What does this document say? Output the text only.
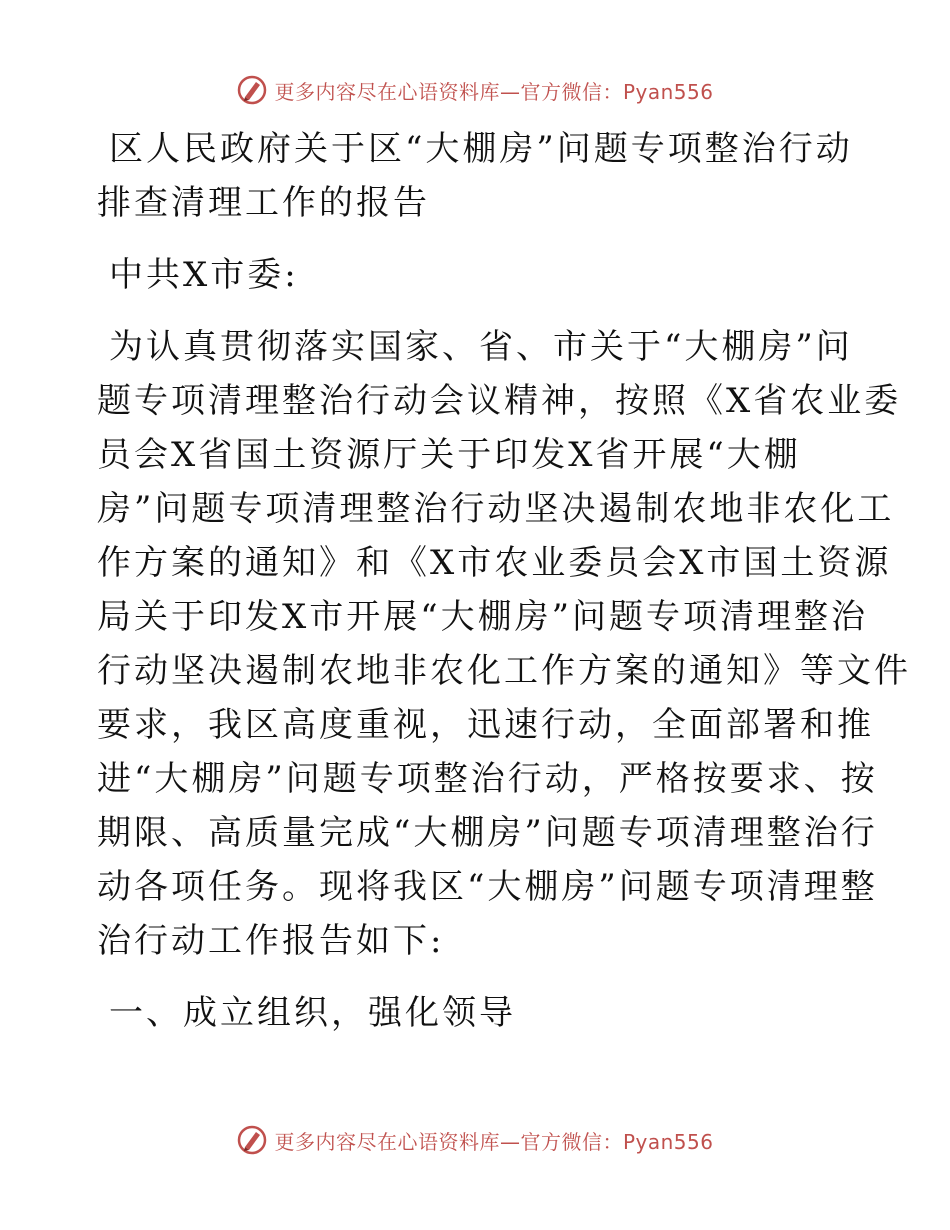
更多内容尽在心语资料库—官方微信：Pyan556
区人民政府关于区“大棚房”问题专项整治行动
排查清理工作的报告
中共X市委:
为认真贯彻落实国家、省、市关于“大棚房”问
题专项清理整治行动会议精神，按照《X省农业委
员会X省国土资源厅关于印发X省开展“大棚
房”问题专项清理整治行动坚决遏制农地非农化工
作方案的通知》和《X市农业委员会X市国土资源
局关于印发X市开展“大棚房”问题专项清理整治
行动坚决遏制农地非农化工作方案的通知》等文件
要求，我区高度重视，迅速行动，全面部署和推
进“大棚房”问题专项整治行动，严格按要求、按
期限、高质量完成“大棚房”问题专项清理整治行
动各项任务。现将我区“大棚房”问题专项清理整
治行动工作报告如下:
一、成立组织，强化领导
更多内容尽在心语资料库—官方微信：Pyan556
